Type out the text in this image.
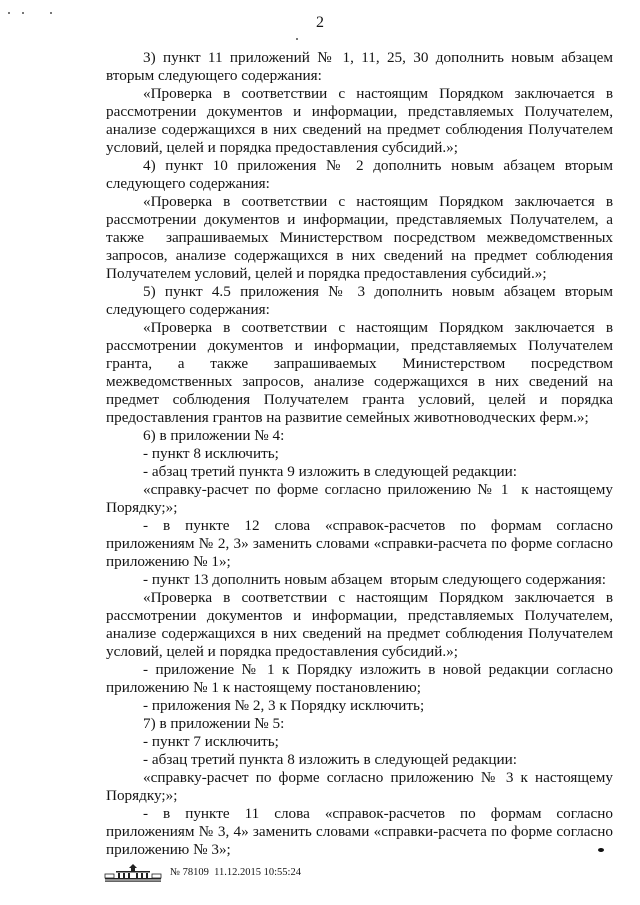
2

3) пункт 11 приложений № 1, 11, 25, 30 дополнить новым абзацем вторым следующего содержания:

«Проверка в соответствии с настоящим Порядком заключается в рассмотрении документов и информации, представляемых Получателем, анализе содержащихся в них сведений на предмет соблюдения Получателем условий, целей и порядка предоставления субсидий.»;

4) пункт 10 приложения № 2 дополнить новым абзацем вторым следующего содержания:

«Проверка в соответствии с настоящим Порядком заключается в рассмотрении документов и информации, представляемых Получателем, а также  запрашиваемых Министерством посредством межведомственных запросов, анализе содержащихся в них сведений на предмет соблюдения Получателем условий, целей и порядка предоставления субсидий.»;

5) пункт 4.5 приложения № 3 дополнить новым абзацем вторым следующего содержания:

«Проверка в соответствии с настоящим Порядком заключается в рассмотрении документов и информации, представляемых Получателем гранта, а также запрашиваемых Министерством посредством межведомственных запросов, анализе содержащихся в них сведений на предмет соблюдения Получателем гранта условий, целей и порядка предоставления грантов на развитие семейных животноводческих ферм.»;

6) в приложении № 4:

- пункт 8 исключить;

- абзац третий пункта 9 изложить в следующей редакции:

«справку-расчет по форме согласно приложению № 1  к настоящему Порядку;»;

- в пункте 12 слова «справок-расчетов по формам согласно приложениям № 2, 3» заменить словами «справки-расчета по форме согласно приложению № 1»;

- пункт 13 дополнить новым абзацем  вторым следующего содержания:

«Проверка в соответствии с настоящим Порядком заключается в рассмотрении документов и информации, представляемых Получателем, анализе содержащихся в них сведений на предмет соблюдения Получателем условий, целей и порядка предоставления субсидий.»;

- приложение № 1 к Порядку изложить в новой редакции согласно приложению № 1 к настоящему постановлению;

- приложения № 2, 3 к Порядку исключить;

7) в приложении № 5:

- пункт 7 исключить;

- абзац третий пункта 8 изложить в следующей редакции:

«справку-расчет по форме согласно приложению № 3 к настоящему Порядку;»;

- в пункте 11 слова «справок-расчетов по формам согласно приложениям № 3, 4» заменить словами «справки-расчета по форме согласно приложению № 3»;

№ 78109  11.12.2015 10:55:24
